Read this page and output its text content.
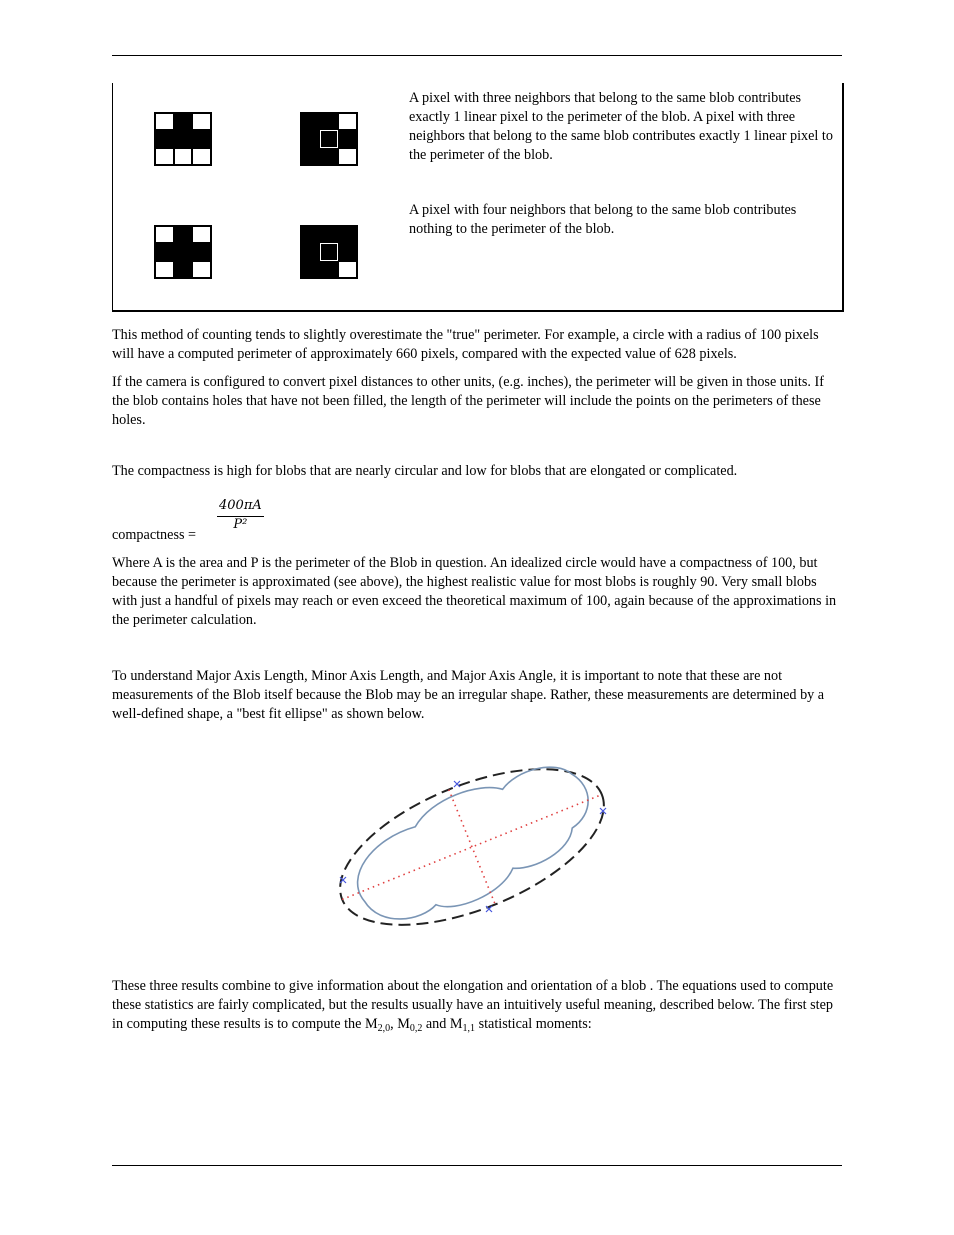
A pixel with three neighbors that belong to the same blob contributes exactly 1 linear pixel to the perimeter of the blob. A pixel with three neighbors that belong to the same blob contributes exactly 1 linear pixel to the perimeter of the blob.
A pixel with four neighbors that belong to the same blob contributes nothing to the perimeter of the blob.

This method of counting tends to slightly overestimate the "true" perimeter. For example, a circle with a radius of 100 pixels will have a computed perimeter of approximately 660 pixels, compared with the expected value of 628 pixels.

If the camera is configured to convert pixel distances to other units, (e.g. inches), the perimeter will be given in those units. If the blob contains holes that have not been filled, the length of the perimeter will include the points on the perimeters of these holes.

The compactness is high for blobs that are nearly circular and low for blobs that are elongated or complicated.

compactness =
$\frac{400\pi A}{\text{P²}}$

Where A is the area and P is the perimeter of the Blob in question. An idealized circle would have a compactness of 100, but because the perimeter is approximated (see above), the highest realistic value for most blobs is roughly 90. Very small blobs with just a handful of pixels may reach or even exceed the theoretical maximum of 100, again because of the approximations in the perimeter calculation.

To understand Major Axis Length, Minor Axis Length, and Major Axis Angle, it is important to note that these are not measurements of the Blob itself because the Blob may be an irregular shape. Rather, these measurements are determined by a well-defined shape, a "best fit ellipse" as shown below.

These three results combine to give information about the elongation and orientation of a blob . The equations used to compute these statistics are fairly complicated, but the results usually have an intuitively useful meaning, described below. The first step in computing these results is to compute the $M_{2,0}$, $M_{0,2}$ and $M_{1,1}$ statistical moments:
